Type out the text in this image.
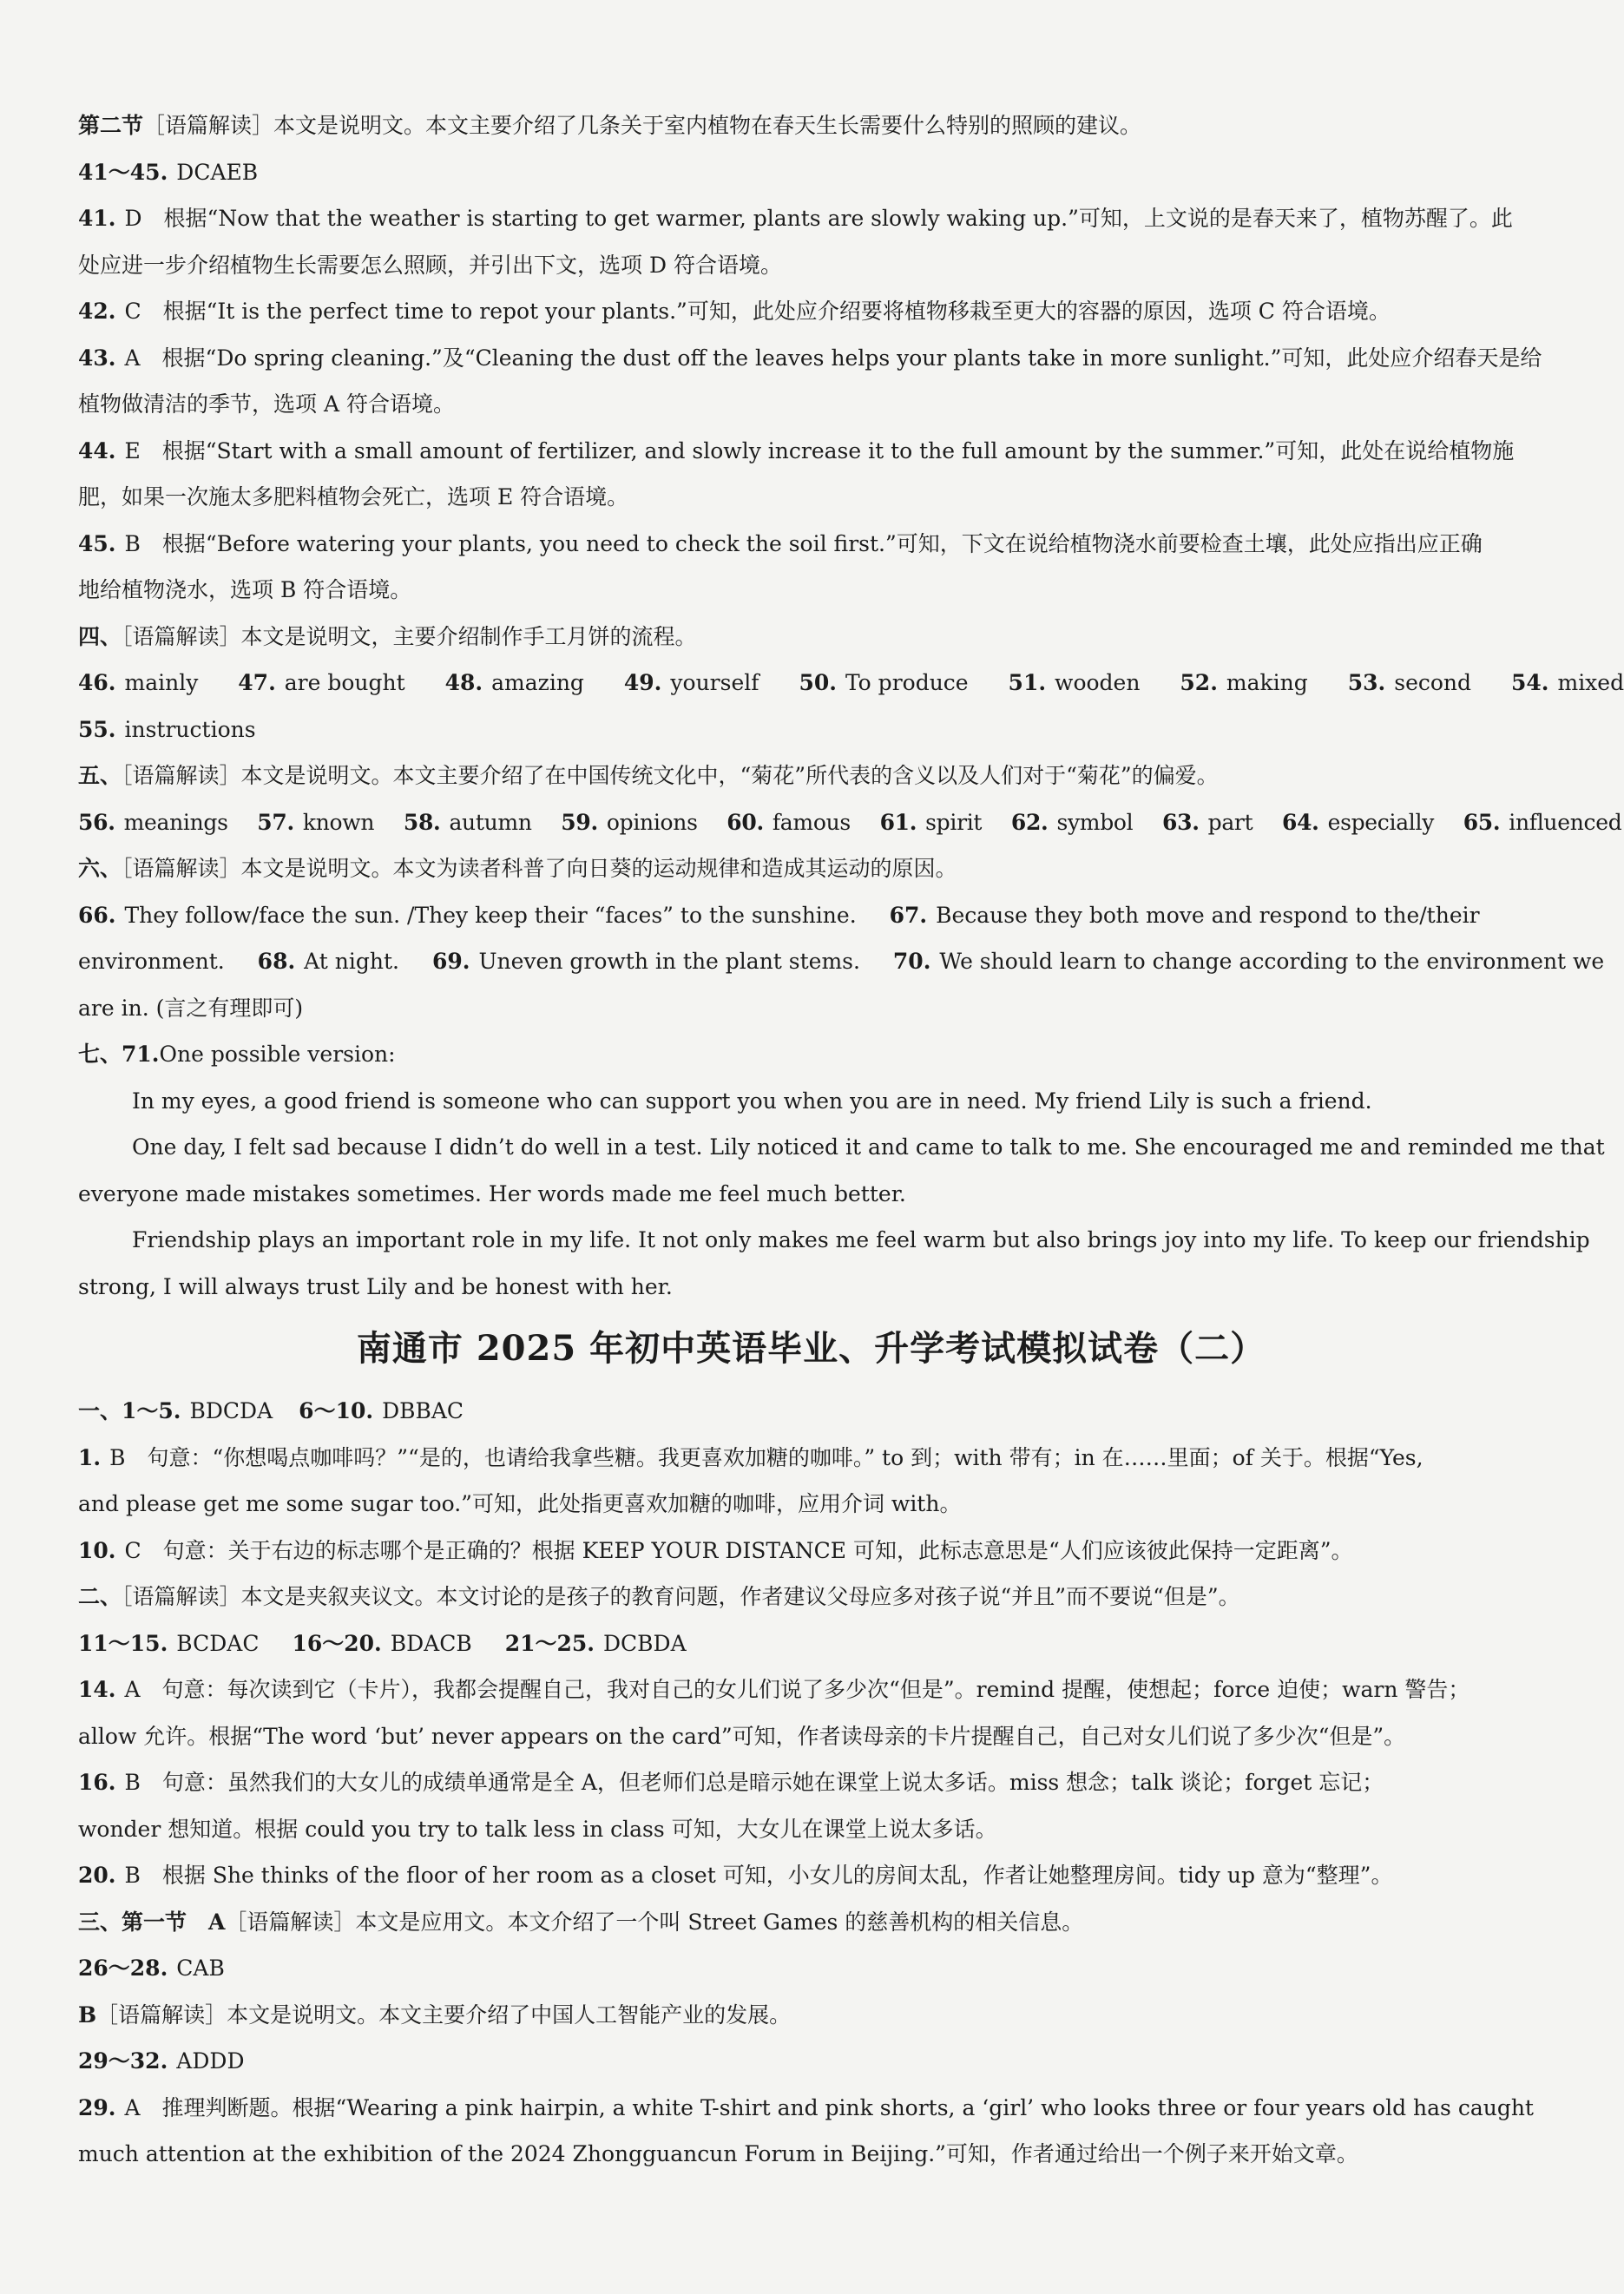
第二节［语篇解读］本文是说明文。本文主要介绍了几条关于室内植物在春天生长需要什么特别的照顾的建议。
41～45. DCAEB
41. D　根据“Now that the weather is starting to get warmer, plants are slowly waking up.”可知，上文说的是春天来了，植物苏醒了。此
处应进一步介绍植物生长需要怎么照顾，并引出下文，选项 D 符合语境。
42. C　根据“It is the perfect time to repot your plants.”可知，此处应介绍要将植物移栽至更大的容器的原因，选项 C 符合语境。
43. A　根据“Do spring cleaning.”及“Cleaning the dust off the leaves helps your plants take in more sunlight.”可知，此处应介绍春天是给
植物做清洁的季节，选项 A 符合语境。
44. E　根据“Start with a small amount of fertilizer, and slowly increase it to the full amount by the summer.”可知，此处在说给植物施
肥，如果一次施太多肥料植物会死亡，选项 E 符合语境。
45. B　根据“Before watering your plants, you need to check the soil first.”可知，下文在说给植物浇水前要检查土壤，此处应指出应正确
地给植物浇水，选项 B 符合语境。
四、［语篇解读］本文是说明文，主要介绍制作手工月饼的流程。
46. mainly 47. are bought 48. amazing 49. yourself 50. To produce 51. wooden 52. making 53. second 54. mixed
55. instructions
五、［语篇解读］本文是说明文。本文主要介绍了在中国传统文化中，“菊花”所代表的含义以及人们对于“菊花”的偏爱。
56. meanings 57. known 58. autumn 59. opinions 60. famous 61. spirit 62. symbol 63. part 64. especially 65. influenced
六、［语篇解读］本文是说明文。本文为读者科普了向日葵的运动规律和造成其运动的原因。
66. They follow/face the sun. /They keep their “faces” to the sunshine. 67. Because they both move and respond to the/their
environment. 68. At night. 69. Uneven growth in the plant stems. 70. We should learn to change according to the environment we
are in. (言之有理即可)
七、71.One possible version:
In my eyes, a good friend is someone who can support you when you are in need. My friend Lily is such a friend.
One day, I felt sad because I didn’t do well in a test. Lily noticed it and came to talk to me. She encouraged me and reminded me that
everyone made mistakes sometimes. Her words made me feel much better.
Friendship plays an important role in my life. It not only makes me feel warm but also brings joy into my life. To keep our friendship
strong, I will always trust Lily and be honest with her.
南通市 2025 年初中英语毕业、升学考试模拟试卷（二）
一、1～5. BDCDA 6～10. DBBAC
1. B　句意：“你想喝点咖啡吗？”“是的，也请给我拿些糖。我更喜欢加糖的咖啡。” to 到；with 带有；in 在……里面；of 关于。根据“Yes,
and please get me some sugar too.”可知，此处指更喜欢加糖的咖啡，应用介词 with。
10. C　句意：关于右边的标志哪个是正确的？根据 KEEP YOUR DISTANCE 可知，此标志意思是“人们应该彼此保持一定距离”。
二、［语篇解读］本文是夹叙夹议文。本文讨论的是孩子的教育问题，作者建议父母应多对孩子说“并且”而不要说“但是”。
11～15. BCDAC 16～20. BDACB 21～25. DCBDA
14. A　句意：每次读到它（卡片），我都会提醒自己，我对自己的女儿们说了多少次“但是”。remind 提醒，使想起；force 迫使；warn 警告；
allow 允许。根据“The word ‘but’ never appears on the card”可知，作者读母亲的卡片提醒自己，自己对女儿们说了多少次“但是”。
16. B　句意：虽然我们的大女儿的成绩单通常是全 A，但老师们总是暗示她在课堂上说太多话。miss 想念；talk 谈论；forget 忘记；
wonder 想知道。根据 could you try to talk less in class 可知，大女儿在课堂上说太多话。
20. B　根据 She thinks of the floor of her room as a closet 可知，小女儿的房间太乱，作者让她整理房间。tidy up 意为“整理”。
三、第一节　A［语篇解读］本文是应用文。本文介绍了一个叫 Street Games 的慈善机构的相关信息。
26～28. CAB
B［语篇解读］本文是说明文。本文主要介绍了中国人工智能产业的发展。
29～32. ADDD
29. A　推理判断题。根据“Wearing a pink hairpin, a white T-shirt and pink shorts, a ‘girl’ who looks three or four years old has caught
much attention at the exhibition of the 2024 Zhongguancun Forum in Beijing.”可知，作者通过给出一个例子来开始文章。
